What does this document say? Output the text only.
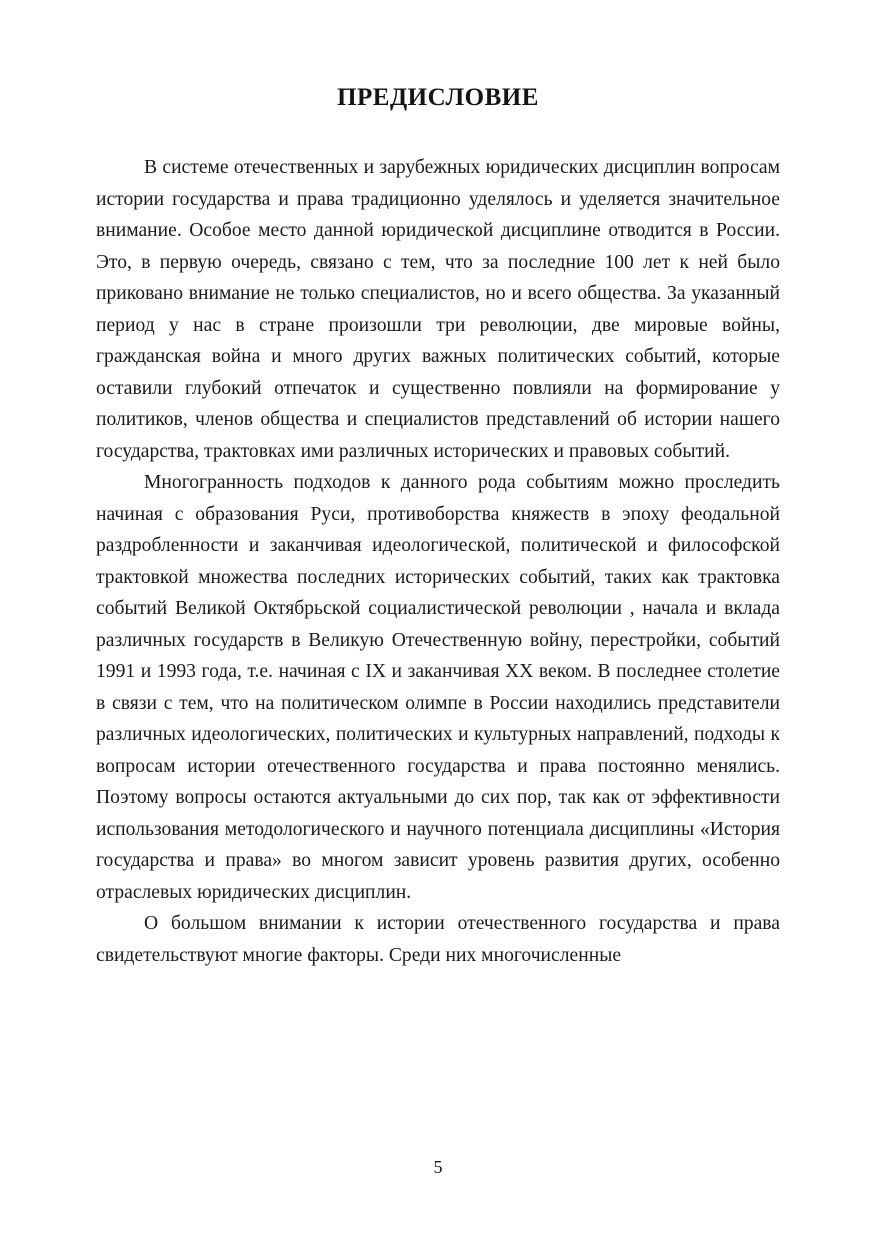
ПРЕДИСЛОВИЕ

В системе отечественных и зарубежных юридических дисциплин вопросам истории государства и права традиционно уделялось и уделяется значительное внимание. Особое место данной юридической дисциплине отводится в России. Это, в первую очередь, связано с тем, что за последние 100 лет к ней было приковано внимание не только специалистов, но и всего общества. За указанный период у нас в стране произошли три революции, две мировые войны, гражданская война и много других важных политических событий, которые оставили глубокий отпечаток и существенно повлияли на формирование у политиков, членов общества и специалистов представлений об истории нашего государства, трактовках ими различных исторических и правовых событий.

Многогранность подходов к данного рода событиям можно проследить начиная с образования Руси, противоборства княжеств в эпоху феодальной раздробленности и заканчивая идеологической, политической и философской трактовкой множества последних исторических событий, таких как трактовка событий Великой Октябрьской социалистической революции , начала и вклада различных государств в Великую Отечественную войну, перестройки, событий 1991 и 1993 года, т.е. начиная с IX и заканчивая XX веком. В последнее столетие в связи с тем, что на политическом олимпе в России находились представители различных идеологических, политических и культурных направлений, подходы к вопросам истории отечественного государства и права постоянно менялись. Поэтому вопросы остаются актуальными до сих пор, так как от эффективности использования методологического и научного потенциала дисциплины «История государства и права» во многом зависит уровень развития других, особенно отраслевых юридических дисциплин.

О большом внимании к истории отечественного государства и права свидетельствуют многие факторы. Среди них многочисленные

5
